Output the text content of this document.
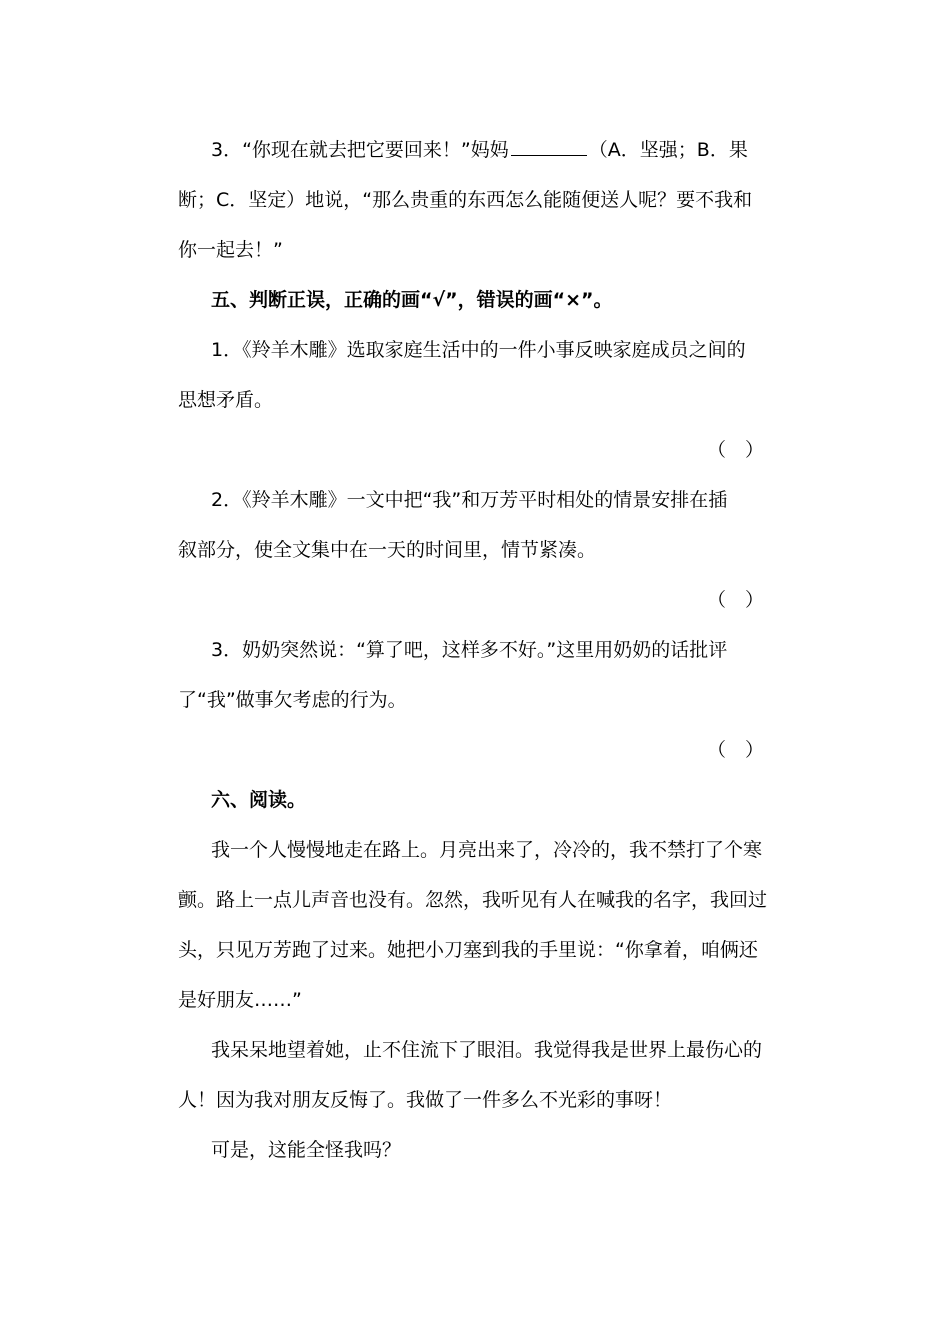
3．“你现在就去把它要回来！”妈妈	（A．坚强；B．果
断；C．坚定）地说，“那么贵重的东西怎么能随便送人呢？要不我和
你一起去！”
五、判断正误，正确的画“√”，错误的画“×”。
1．《羚羊木雕》选取家庭生活中的一件小事反映家庭成员之间的
思想矛盾。
（　）
2．《羚羊木雕》一文中把“我”和万芳平时相处的情景安排在插
叙部分，使全文集中在一天的时间里，情节紧凑。
（　）
3．奶奶突然说：“算了吧，这样多不好。”这里用奶奶的话批评
了“我”做事欠考虑的行为。
（　）
六、阅读。
我一个人慢慢地走在路上。月亮出来了，冷冷的，我不禁打了个寒
颤。路上一点儿声音也没有。忽然，我听见有人在喊我的名字，我回过
头，只见万芳跑了过来。她把小刀塞到我的手里说：“你拿着，咱俩还
是好朋友……”
我呆呆地望着她，止不住流下了眼泪。我觉得我是世界上最伤心的
人！因为我对朋友反悔了。我做了一件多么不光彩的事呀！
可是，这能全怪我吗？
